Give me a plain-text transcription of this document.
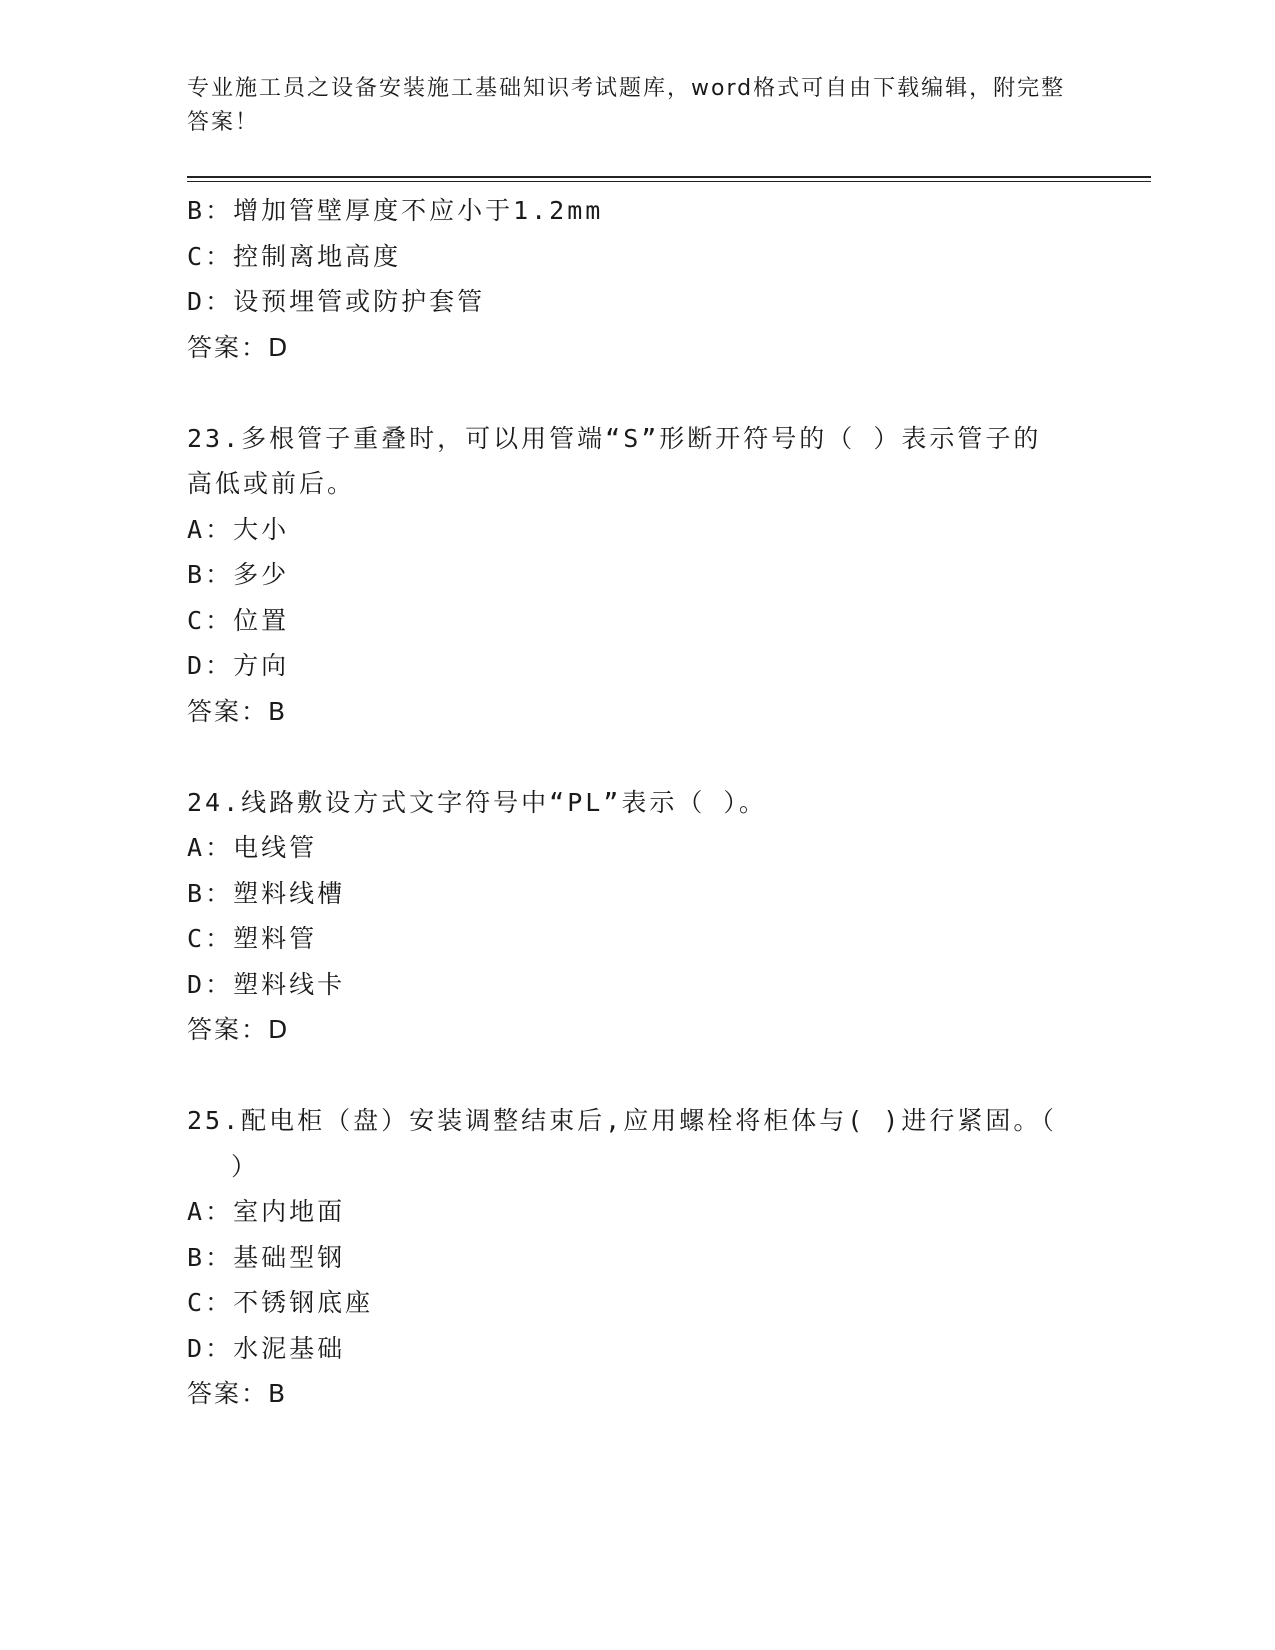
专业施工员之设备安装施工基础知识考试题库，word格式可自由下载编辑，附完整答案！
B：增加管壁厚度不应小于1.2mm
C：控制离地高度
D：设预埋管或防护套管
答案：D
23.多根管子重叠时，可以用管端“S”形断开符号的（ ）表示管子的
高低或前后。
A：大小
B：多少
C：位置
D：方向
答案：B
24.线路敷设方式文字符号中“PL”表示（ ）。
A：电线管
B：塑料线槽
C：塑料管
D：塑料线卡
答案：D
25.配电柜（盘）安装调整结束后,应用螺栓将柜体与( )进行紧固。（
）
A：室内地面
B：基础型钢
C：不锈钢底座
D：水泥基础
答案：B
